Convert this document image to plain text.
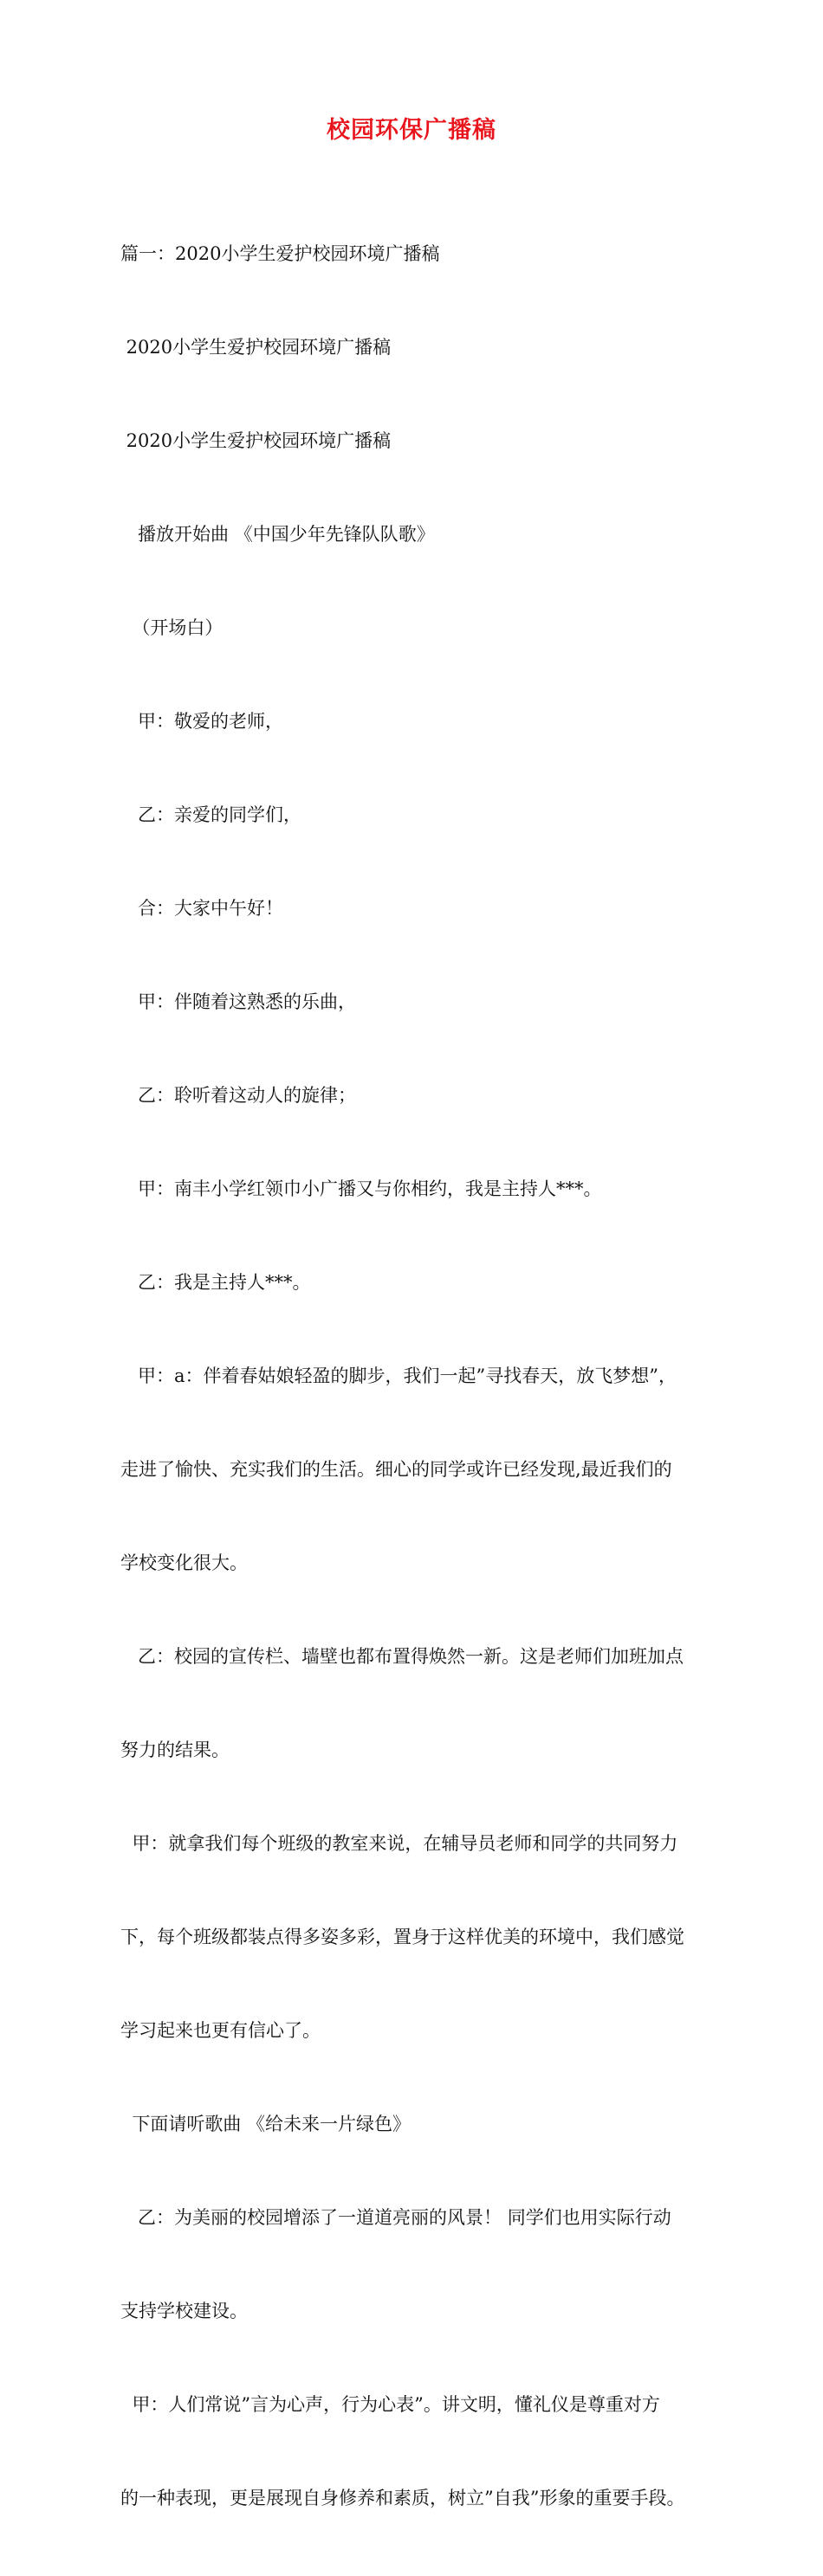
校园环保广播稿

篇一：2020小学生爱护校园环境广播稿

2020小学生爱护校园环境广播稿

2020小学生爱护校园环境广播稿

播放开始曲 《中国少年先锋队队歌》

（开场白）

甲：敬爱的老师，

乙：亲爱的同学们，

合：大家中午好！

甲：伴随着这熟悉的乐曲，

乙：聆听着这动人的旋律；

甲：南丰小学红领巾小广播又与你相约，我是主持人***。

乙：我是主持人***。

甲：a：伴着春姑娘轻盈的脚步，我们一起”寻找春天，放飞梦想”，

走进了愉快、充实我们的生活。细心的同学或许已经发现,最近我们的

学校变化很大。

乙：校园的宣传栏、墙壁也都布置得焕然一新。这是老师们加班加点

努力的结果。

甲：就拿我们每个班级的教室来说，在辅导员老师和同学的共同努力

下，每个班级都装点得多姿多彩，置身于这样优美的环境中，我们感觉

学习起来也更有信心了。

下面请听歌曲 《给未来一片绿色》

乙：为美丽的校园增添了一道道亮丽的风景！ 同学们也用实际行动

支持学校建设。

甲：人们常说”言为心声，行为心表”。讲文明，懂礼仪是尊重对方

的一种表现，更是展现自身修养和素质，树立”自我”形象的重要手段。
